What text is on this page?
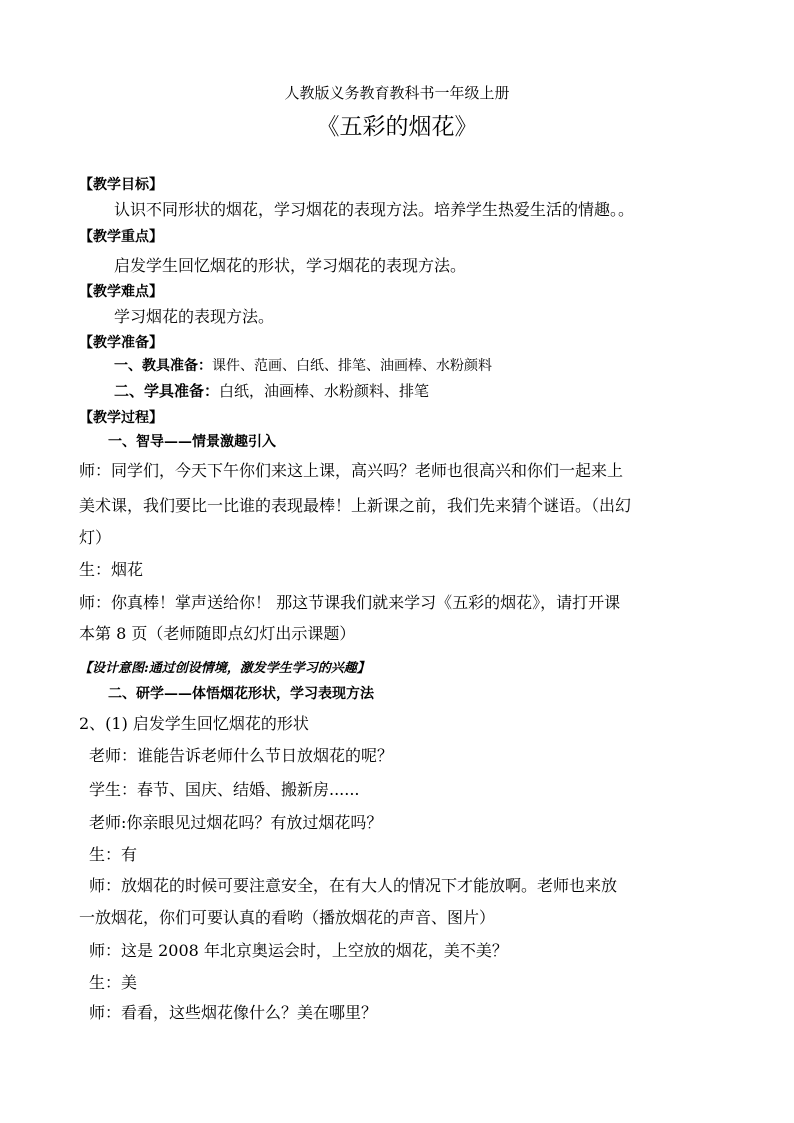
人教版义务教育教科书一年级上册
《五彩的烟花》
【教学目标】
认识不同形状的烟花，学习烟花的表现方法。培养学生热爱生活的情趣。。
【教学重点】
启发学生回忆烟花的形状，学习烟花的表现方法。
【教学难点】
学习烟花的表现方法。
【教学准备】
一、教具准备：课件、范画、白纸、排笔、油画棒、水粉颜料
二、学具准备：白纸，油画棒、水粉颜料、排笔
【教学过程】
一、智导——情景激趣引入
师：同学们，今天下午你们来这上课，高兴吗？老师也很高兴和你们一起来上
美术课，我们要比一比谁的表现最棒！上新课之前，我们先来猜个谜语。（出幻
灯）
生：烟花
师：你真棒！掌声送给你！ 那这节课我们就来学习《五彩的烟花》，请打开课
本第 8 页（老师随即点幻灯出示课题）
【设计意图:通过创设情境，激发学生学习的兴趣】
二、研学——体悟烟花形状，学习表现方法
2、(1) 启发学生回忆烟花的形状
老师：谁能告诉老师什么节日放烟花的呢？
学生：春节、国庆、结婚、搬新房......
老师:你亲眼见过烟花吗？有放过烟花吗？
生：有
师：放烟花的时候可要注意安全，在有大人的情况下才能放啊。老师也来放
一放烟花，你们可要认真的看哟（播放烟花的声音、图片）
师：这是 2008 年北京奥运会时，上空放的烟花，美不美？
生：美
师：看看，这些烟花像什么？美在哪里？
